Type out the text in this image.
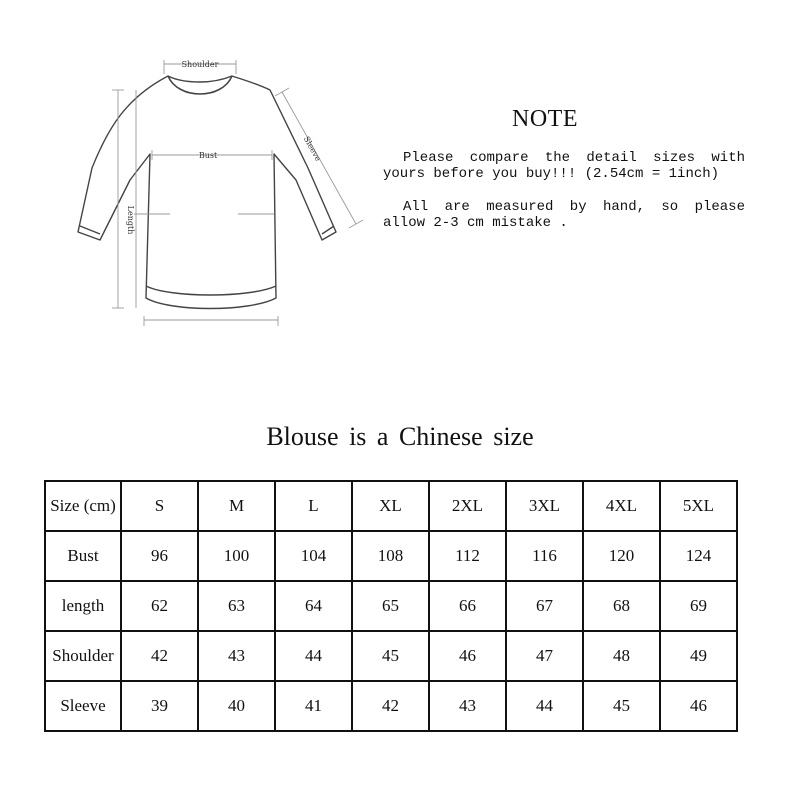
Shoulder
Bust	Sleeve
Length
NOTE
Please compare the detail sizes with yours before you buy!!! (2.54cm = 1inch)
All are measured by hand, so please allow 2-3 cm mistake .
Blouse is a Chinese size
Size (cm)	S	M	L	XL	2XL	3XL	4XL	5XL
Bust	96	100	104	108	112	116	120	124
length	62	63	64	65	66	67	68	69
Shoulder	42	43	44	45	46	47	48	49
Sleeve	39	40	41	42	43	44	45	46
